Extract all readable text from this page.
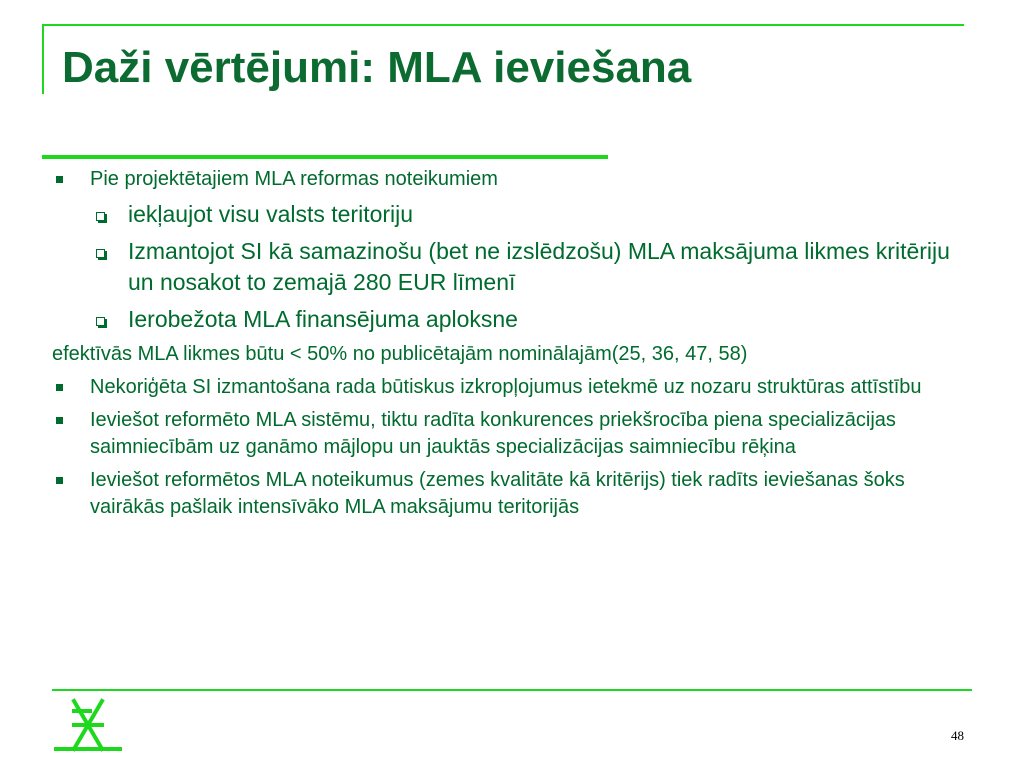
Daži vērtējumi: MLA ieviešana
Pie projektētajiem MLA reformas noteikumiem
iekļaujot visu valsts teritoriju
Izmantojot SI kā samazinošu (bet ne izslēdzošu) MLA maksājuma likmes kritēriju un nosakot to zemajā 280 EUR līmenī
Ierobežota MLA finansējuma aploksne
efektīvās MLA likmes būtu < 50% no publicētajām nominālajām(25, 36, 47, 58)
Nekoriģēta SI izmantošana rada būtiskus izkropļojumus ietekmē uz nozaru struktūras attīstību
Ieviešot reformēto MLA sistēmu, tiktu radīta konkurences priekšrocība piena specializācijas saimniecībām uz ganāmo mājlopu un jauktās specializācijas saimniecību rēķina
Ieviešot reformētos MLA noteikumus (zemes kvalitāte kā kritērijs) tiek radīts ieviešanas šoks vairākās pašlaik intensīvāko MLA maksājumu teritorijās
48
